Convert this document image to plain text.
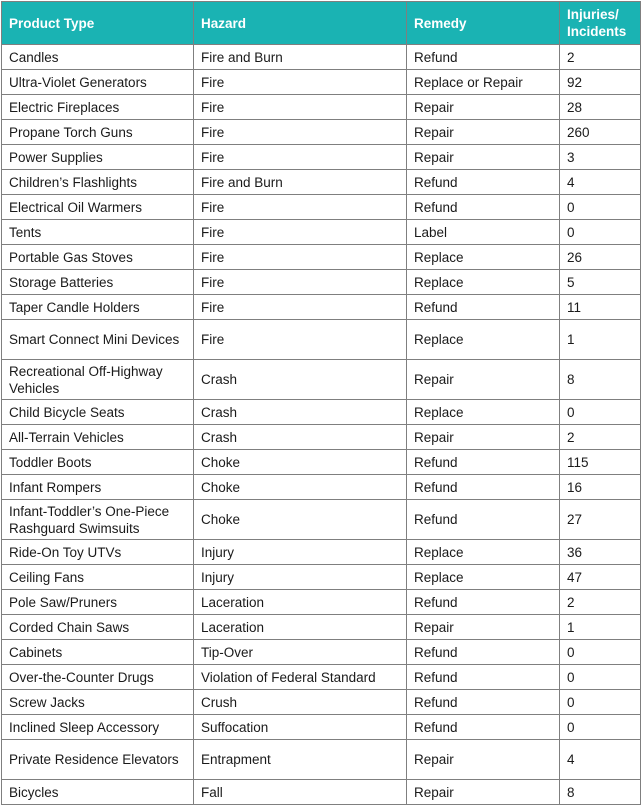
Product Type	Hazard	Remedy	Injuries/ Incidents
Candles	Fire and Burn	Refund	2
Ultra-Violet Generators	Fire	Replace or Repair	92
Electric Fireplaces	Fire	Repair	28
Propane Torch Guns	Fire	Repair	260
Power Supplies	Fire	Repair	3
Children’s Flashlights	Fire and Burn	Refund	4
Electrical Oil Warmers	Fire	Refund	0
Tents	Fire	Label	0
Portable Gas Stoves	Fire	Replace	26
Storage Batteries	Fire	Replace	5
Taper Candle Holders	Fire	Refund	11
Smart Connect Mini Devices	Fire	Replace	1
Recreational Off-Highway Vehicles	Crash	Repair	8
Child Bicycle Seats	Crash	Replace	0
All-Terrain Vehicles	Crash	Repair	2
Toddler Boots	Choke	Refund	115
Infant Rompers	Choke	Refund	16
Infant-Toddler’s One-Piece Rashguard Swimsuits	Choke	Refund	27
Ride-On Toy UTVs	Injury	Replace	36
Ceiling Fans	Injury	Replace	47
Pole Saw/Pruners	Laceration	Refund	2
Corded Chain Saws	Laceration	Repair	1
Cabinets	Tip-Over	Refund	0
Over-the-Counter Drugs	Violation of Federal Standard	Refund	0
Screw Jacks	Crush	Refund	0
Inclined Sleep Accessory	Suffocation	Refund	0
Private Residence Elevators	Entrapment	Repair	4
Bicycles	Fall	Repair	8
